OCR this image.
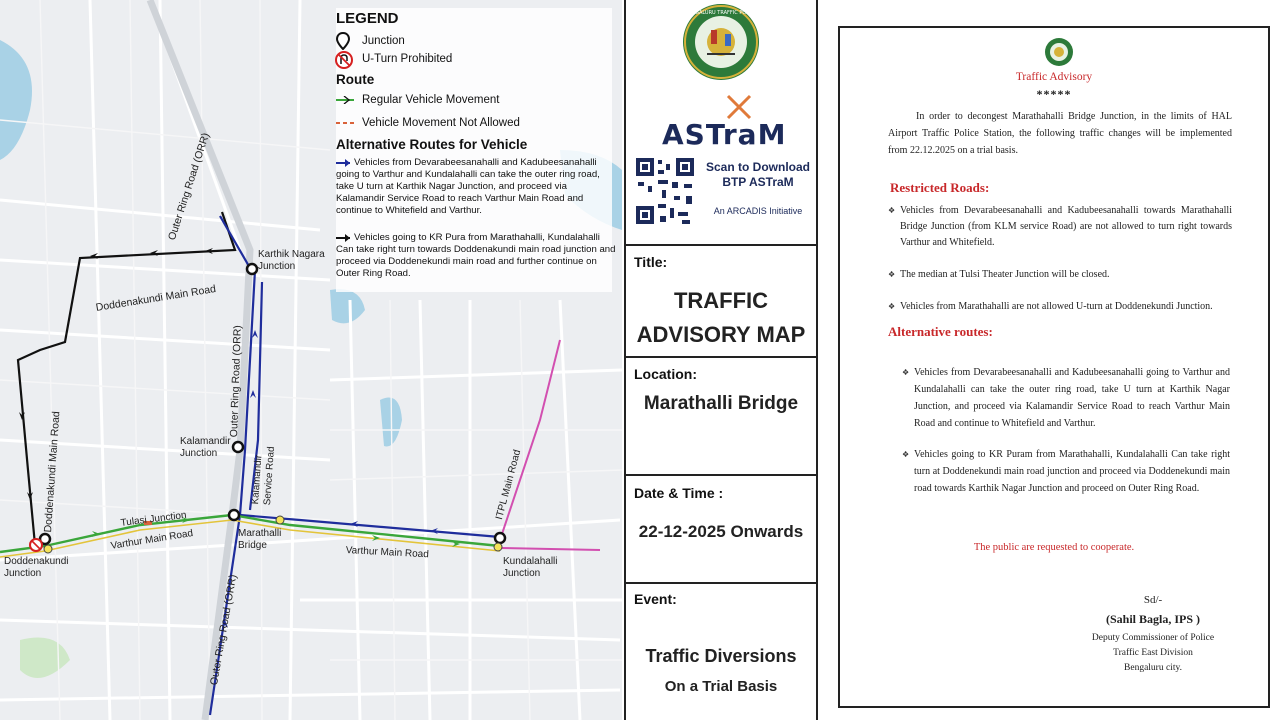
Outer Ring Road (ORR)
Karthik Nagara
Junction
Doddenakundi Main Road
Doddenakundi Main Road
Outer Ring Road (ORR)
Kalamandir
Junction
Kalamandir
Service Road
Tulasi Junction
Varthur Main Road	Marathalli
Bridge	Varthur Main Road
Doddenakundi
Junction
Outer Ring Road (ORR)
ITPL Main Road
Kundalahalli
Junction
LEGEND
Junction
U-Turn Prohibited
Route
Regular Vehicle Movement
Vehicle Movement Not Allowed
Alternative Routes for Vehicle
Vehicles from Devarabeesanahalli and Kadubeesanahalli going to Varthur and Kundalahalli can take the outer ring road, take U turn at Karthik Nagar Junction, and proceed via Kalamandir Service Road to reach Varthur Main Road and continue to Whitefield and Varthur.
Vehicles going to KR Pura from Marathahalli, Kundalahalli Can take right turn towards Doddenakundi main road junction and proceed via Doddenekundi main road and further continue on Outer Ring Road.
BENGALURU TRAFFIC POLICE
ASTraM
Scan to Download
BTP ASTraM
An ARCADIS Initiative
Title:
TRAFFIC
ADVISORY MAP
Location:
Marathalli Bridge
Date & Time :
22-12-2025 Onwards
Event:
Traffic Diversions
On a Trial Basis
Traffic Advisory
*****
In order to decongest Marathahalli Bridge Junction, in the limits of HAL Airport Traffic Police Station, the following traffic changes will be implemented from 22.12.2025 on a trial basis.
Restricted Roads:
❖ Vehicles from Devarabeesanahalli and Kadubeesanahalli towards Marathahalli Bridge Junction (from KLM service Road) are not allowed to turn right towards Varthur and Whitefield.
❖ The median at Tulsi Theater Junction will be closed.
❖ Vehicles from Marathahalli are not allowed U-turn at Doddenekundi Junction.
Alternative routes:
❖ Vehicles from Devarabeesanahalli and Kadubeesanahalli going to Varthur and Kundalahalli can take the outer ring road, take U turn at Karthik Nagar Junction, and proceed via Kalamandir Service Road to reach Varthur Main Road and continue to Whitefield and Varthur.
❖ Vehicles going to KR Puram from Marathahalli, Kundalahalli Can take right turn at Doddenekundi main road junction and proceed via Doddenekundi main road towards Karthik Nagar Junction and proceed on Outer Ring Road.
The public are requested to cooperate.
Sd/-
(Sahil Bagla, IPS )
Deputy Commissioner of Police
Traffic East Division
Bengaluru city.
